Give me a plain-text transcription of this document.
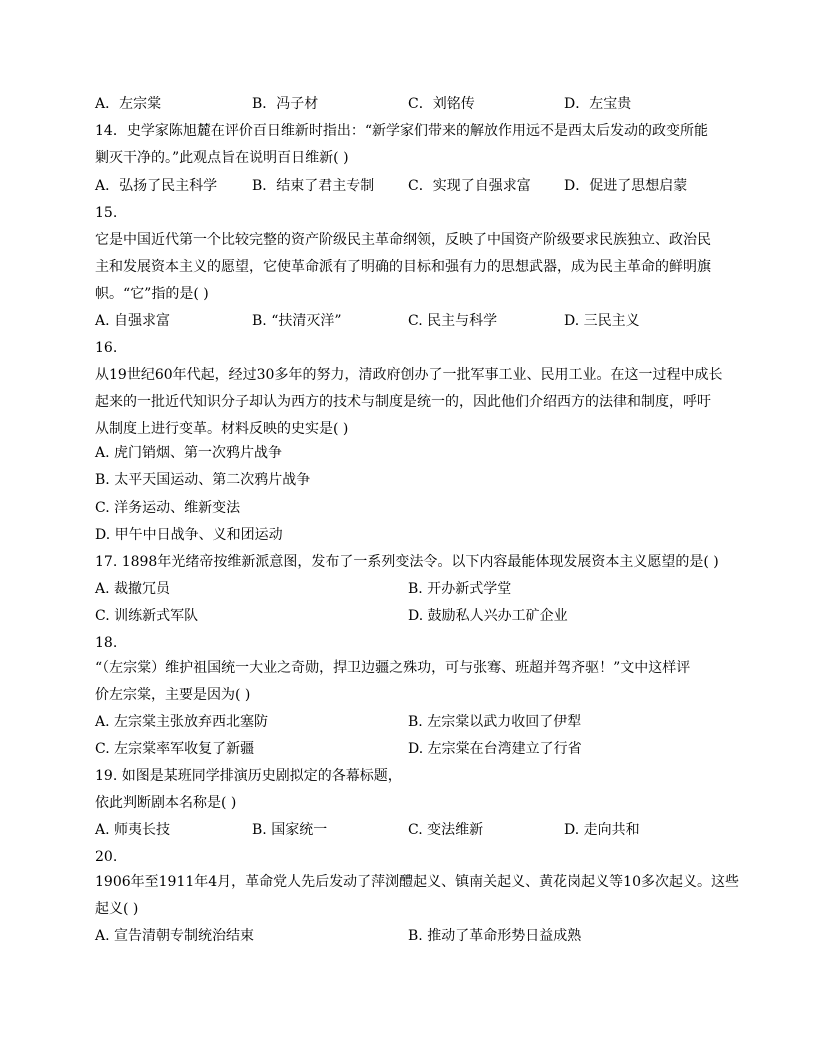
A．左宗棠	B．冯子材	C．刘铭传	D．左宝贵
14．史学家陈旭麓在评价百日维新时指出：“新学家们带来的解放作用远不是西太后发动的政变所能
剿灭干净的。”此观点旨在说明百日维新( )
A．弘扬了民主科学 B．结束了君主专制 C．实现了自强求富 D．促进了思想启蒙
15.
它是中国近代第一个比较完整的资产阶级民主革命纲领，反映了中国资产阶级要求民族独立、政治民
主和发展资本主义的愿望，它使革命派有了明确的目标和强有力的思想武器，成为民主革命的鲜明旗
帜。“它”指的是( )
A. 自强求富	B. “扶清灭洋”	C. 民主与科学	D. 三民主义
16.
从19世纪60年代起，经过30多年的努力，清政府创办了一批军事工业、民用工业。在这一过程中成长
起来的一批近代知识分子却认为西方的技术与制度是统一的，因此他们介绍西方的法律和制度，呼吁
从制度上进行变革。材料反映的史实是( )
A. 虎门销烟、第一次鸦片战争
B. 太平天国运动、第二次鸦片战争
C. 洋务运动、维新变法
D. 甲午中日战争、义和团运动
17. 1898年光绪帝按维新派意图，发布了一系列变法令。以下内容最能体现发展资本主义愿望的是( )
A. 裁撤冗员	B. 开办新式学堂
C. 训练新式军队	D. 鼓励私人兴办工矿企业
18.
“（左宗棠）维护祖国统一大业之奇勋，捍卫边疆之殊功，可与张骞、班超并驾齐驱！”文中这样评
价左宗棠，主要是因为( )
A. 左宗棠主张放弃西北塞防	B. 左宗棠以武力收回了伊犁
C. 左宗棠率军收复了新疆	D. 左宗棠在台湾建立了行省
19. 如图是某班同学排演历史剧拟定的各幕标题，
依此判断剧本名称是( )
A. 师夷长技	B. 国家统一	C. 变法维新	D. 走向共和
20.
1906年至1911年4月，革命党人先后发动了萍浏醴起义、镇南关起义、黄花岗起义等10多次起义。这些
起义( )
A. 宣告清朝专制统治结束	B. 推动了革命形势日益成熟
